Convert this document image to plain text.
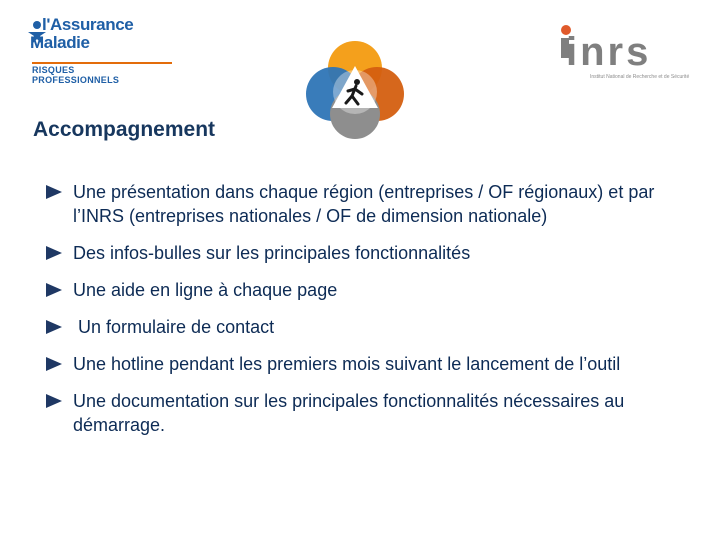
l'Assurance
Maladie
RISQUES PROFESSIONNELS
inrs
Institut National de Recherche et de Sécurité
Accompagnement
Une présentation dans chaque région (entreprises / OF régionaux) et par l’INRS (entreprises nationales / OF de dimension nationale)
Des infos-bulles sur les principales fonctionnalités
Une aide en ligne à chaque page
Un formulaire de contact
Une hotline pendant les premiers mois suivant le lancement de l’outil
Une documentation sur les principales fonctionnalités nécessaires au démarrage.
